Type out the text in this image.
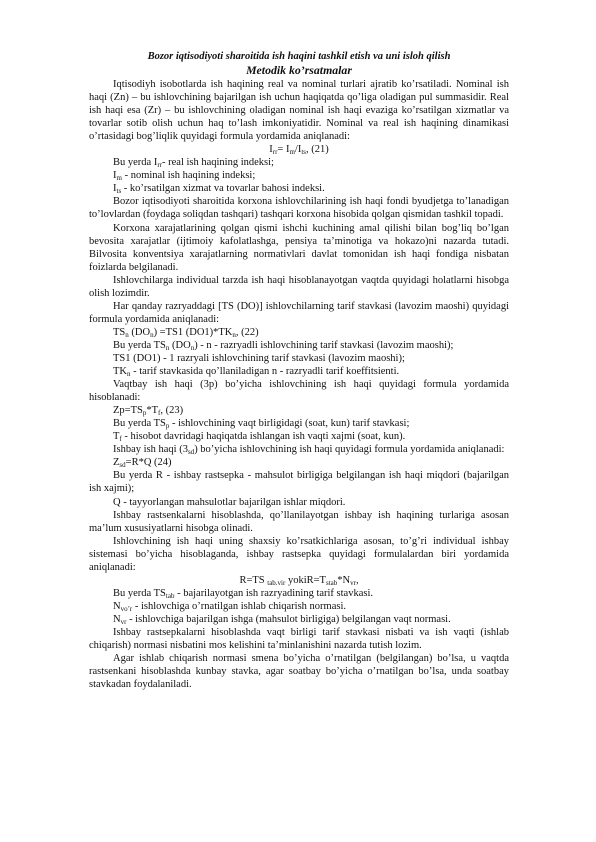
Bozor iqtisodiyoti sharoitida ish haqini tashkil etish va uni isloh qilish
Metodik ko’rsatmalar

Iqtisodiyh isobotlarda ish haqining real va nominal turlari ajratib ko’rsatiladi. Nominal ish haqi (Zn) – bu ishlovchining bajarilgan ish uchun haqiqatda qo’liga oladigan pul summasidir. Real ish haqi esa (Zr) – bu ishlovchining oladigan nominal ish haqi evaziga ko’rsatilgan xizmatlar va tovarlar sotib olish uchun haq to’lash imkoniyatidir. Nominal va real ish haqining dinamikasi o’rtasidagi bog’liqlik quyidagi formula yordamida aniqlanadi:

$I_{rr}= I_m/I_{ts}$, (21)

Bu yerda $I_{rr}-$ real ish haqining indeksi;

$I_m$ - nominal ish haqining indeksi;

$I_{ts}$ - ko’rsatilgan xizmat va tovarlar bahosi indeksi.

Bozor iqtisodiyoti sharoitida korxona ishlovchilarining ish haqi fondi byudjetga to’lanadigan to’lovlardan (foydaga soliqdan tashqari) tashqari korxona hisobida qolgan qismidan tashkil topadi.

Korxona xarajatlarining qolgan qismi ishchi kuchining amal qilishi bilan bog’liq bo’lgan bevosita xarajatlar (ijtimoiy kafolatlashga, pensiya ta’minotiga va hokazo)ni nazarda tutadi. Bilvosita konventsiya xarajatlarning normativlari davlat tomonidan ish haqi fondiga nisbatan foizlarda belgilanadi.

Ishlovchilarga individual tarzda ish haqi hisoblanayotgan vaqtda quyidagi holatlarni hisobga olish lozimdir.

Har qanday razryaddagi [TS (DO)] ishlovchilarning tarif stavkasi (lavozim maoshi) quyidagi formula yordamida aniqlanadi:

$TS_n$ $(DO_n) =TS1$ $(DO1)*TK_n$, (22)

Bu yerda $TS_n$ $(DO_n)$ - n - razryadli ishlovchining tarif stavkasi (lavozim maoshi);

TS1 (DO1) - 1 razryali ishlovchining tarif stavkasi (lavozim maoshi);

$TK_n$ - tarif stavkasida qo’llaniladigan n - razryadli tarif koeffitsienti.

Vaqtbay ish haqi (3p) bo’yicha ishlovchining ish haqi quyidagi formula yordamida hisoblanadi:

$Zp=TS_p*T_f$, (23)

Bu yerda $TS_p$ - ishlovchining vaqt birligidagi (soat, kun) tarif stavkasi;

$T_f$ - hisobot davridagi haqiqatda ishlangan ish vaqti xajmi (soat, kun).

Ishbay ish haqi $(3_{sd})$ bo’yicha ishlovchining ish haqi quyidagi formula yordamida aniqlanadi:

$Z_{sd}=R*Q$ (24)

Bu yerda R - ishbay rastsepka - mahsulot birligiga belgilangan ish haqi miqdori (bajarilgan ish xajmi);

Q - tayyorlangan mahsulotlar bajarilgan ishlar miqdori.

Ishbay rastsenkalarni hisoblashda, qo’llanilayotgan ishbay ish haqining turlariga asosan ma’lum xususiyatlarni hisobga olinadi.

Ishlovchining ish haqi uning shaxsiy ko’rsatkichlariga asosan, to’g’ri individual ishbay sistemasi bo’yicha hisoblaganda, ishbay rastsepka quyidagi formulalardan biri yordamida aniqlanadi:

R=TS $_{tab.vir}$ $yokiR=T_{stab}*N_{vr}$,

Bu yerda $TS_{tab}$ - bajarilayotgan ish razryadining tarif stavkasi.

$N_{vo’r}$ - ishlovchiga o’rnatilgan ishlab chiqarish normasi.

$N_{vr}$ - ishlovchiga bajarilgan ishga (mahsulot birligiga) belgilangan vaqt normasi.

Ishbay rastsepkalarni hisoblashda vaqt birligi tarif stavkasi nisbati va ish vaqti (ishlab chiqarish) normasi nisbatini mos kelishini ta’minlanishini nazarda tutish lozim.

Agar ishlab chiqarish normasi smena bo’yicha o’rnatilgan (belgilangan) bo’lsa, u vaqtda rastsenkani hisoblashda kunbay stavka, agar soatbay bo’yicha o’rnatilgan bo’lsa, unda soatbay stavkadan foydalaniladi.
